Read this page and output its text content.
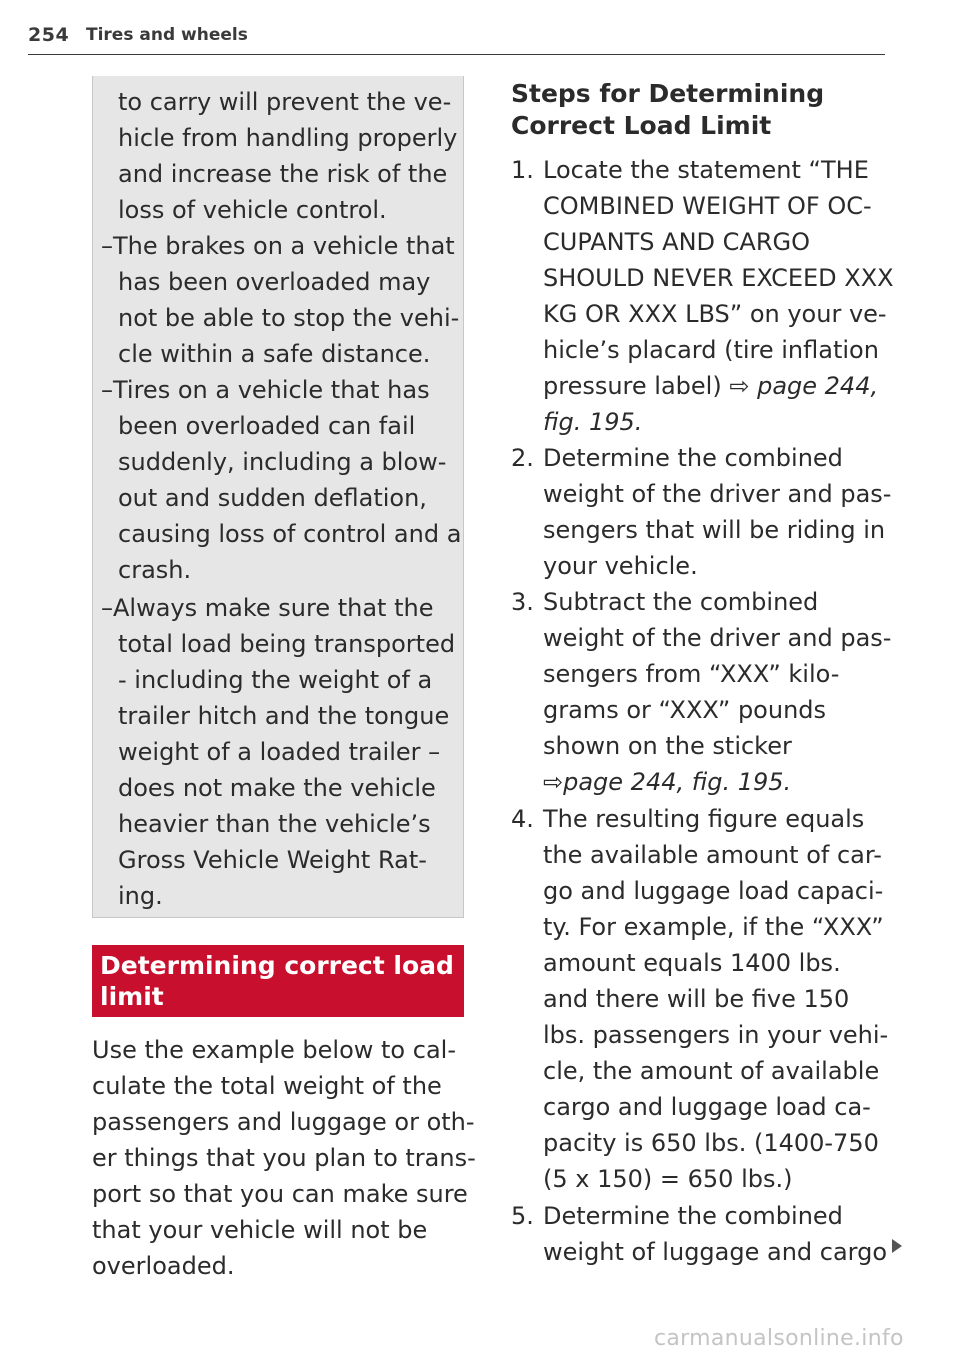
254 Tires and wheels
to carry will prevent the ve-
hicle from handling properly
and increase the risk of the
loss of vehicle control.
–The brakes on a vehicle that
has been overloaded may
not be able to stop the vehi-
cle within a safe distance.
–Tires on a vehicle that has
been overloaded can fail
suddenly, including a blow-
out and sudden deflation,
causing loss of control and a
crash.
–Always make sure that the
total load being transported
- including the weight of a
trailer hitch and the tongue
weight of a loaded trailer –
does not make the vehicle
heavier than the vehicle’s
Gross Vehicle Weight Rat-
ing.
Determining correct load
limit
Use the example below to cal-
culate the total weight of the
passengers and luggage or oth-
er things that you plan to trans-
port so that you can make sure
that your vehicle will not be
overloaded.
Steps for Determining
Correct Load Limit
1. Locate the statement “THE
COMBINED WEIGHT OF OC-
CUPANTS AND CARGO
SHOULD NEVER EXCEED XXX
KG OR XXX LBS” on your ve-
hicle’s placard (tire inflation
pressure label) ⇨ page 244,
fig. 195.
2. Determine the combined
weight of the driver and pas-
sengers that will be riding in
your vehicle.
3. Subtract the combined
weight of the driver and pas-
sengers from “XXX” kilo-
grams or “XXX” pounds
shown on the sticker
⇨page 244, fig. 195.
4. The resulting figure equals
the available amount of car-
go and luggage load capaci-
ty. For example, if the “XXX”
amount equals 1400 lbs.
and there will be five 150
lbs. passengers in your vehi-
cle, the amount of available
cargo and luggage load ca-
pacity is 650 lbs. (1400-750
(5 x 150) = 650 lbs.)
5. Determine the combined
weight of luggage and cargo
carmanualsonline.info
